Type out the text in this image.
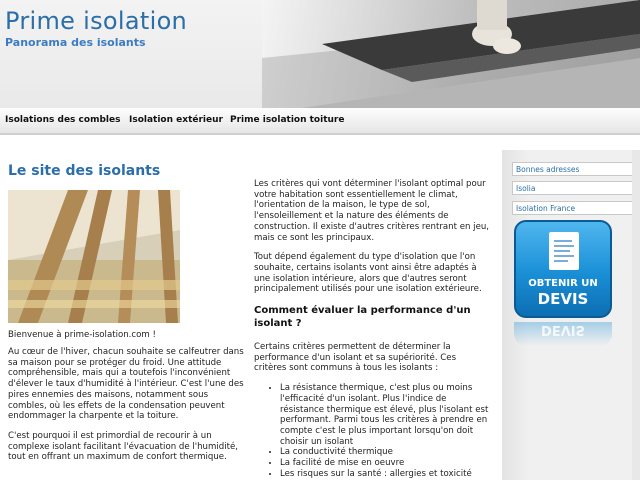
Prime isolation
Panorama des isolants
Isolations des combles Isolation extérieur Prime isolation toiture
Le site des isolants
Bienvenue à prime-isolation.com !

Au cœur de l'hiver, chacun souhaite se calfeutrer dans sa maison pour se protéger du froid. Une attitude compréhensible, mais qui a toutefois l'inconvénient d'élever le taux d'humidité à l'intérieur. C'est l'une des pires ennemies des maisons, notamment sous combles, où les effets de la condensation peuvent endommager la charpente et la toiture.

C'est pourquoi il est primordial de recourir à un complexe isolant facilitant l'évacuation de l'humidité, tout en offrant un maximum de confort thermique.

Les critères qui vont déterminer l'isolant optimal pour votre habitation sont essentiellement le climat, l'orientation de la maison, le type de sol, l'ensoleillement et la nature des éléments de construction. Il existe d'autres critères rentrant en jeu, mais ce sont les principaux.

Tout dépend également du type d'isolation que l'on souhaite, certains isolants vont ainsi être adaptés à une isolation intérieure, alors que d'autres seront principalement utilisés pour une isolation extérieure.

Comment évaluer la performance d'un isolant ?

Certains critères permettent de déterminer la performance d'un isolant et sa supériorité. Ces critères sont communs à tous les isolants :

• La résistance thermique, c'est plus ou moins l'efficacité d'un isolant. Plus l'indice de résistance thermique est élevé, plus l'isolant est performant. Parmi tous les critères à prendre en compte c'est le plus important lorsqu'on doit choisir un isolant
• La conductivité thermique
• La facilité de mise en oeuvre
• Les risques sur la santé : allergies et toxicité
Bonnes adresses
Isolia
Isolation France
OBTENIR UN
DEVIS
DEVIS
